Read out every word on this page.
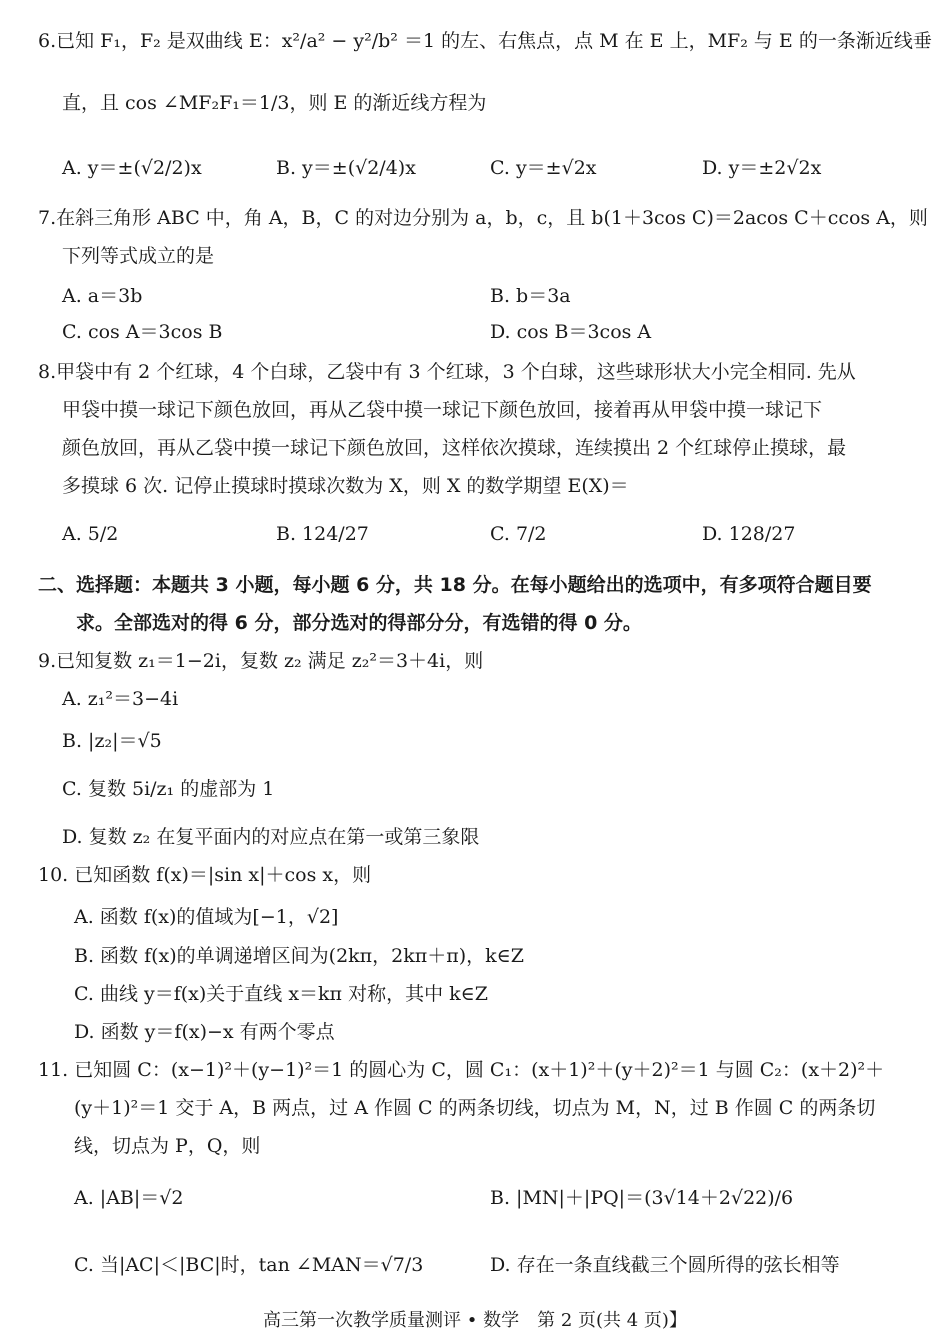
6.已知 F₁，F₂ 是双曲线 E：x²/a² − y²/b² ＝1 的左、右焦点，点 M 在 E 上，MF₂ 与 E 的一条渐近线垂
直，且 cos ∠MF₂F₁＝1/3，则 E 的渐近线方程为
A. y＝±(√2/2)x	B. y＝±(√2/4)x	C. y＝±√2x	D. y＝±2√2x
7.在斜三角形 ABC 中，角 A，B，C 的对边分别为 a，b，c，且 b(1＋3cos C)＝2acos C＋ccos A，则
下列等式成立的是
A. a＝3b	B. b＝3a
C. cos A＝3cos B	D. cos B＝3cos A
8.甲袋中有 2 个红球，4 个白球，乙袋中有 3 个红球，3 个白球，这些球形状大小完全相同. 先从
甲袋中摸一球记下颜色放回，再从乙袋中摸一球记下颜色放回，接着再从甲袋中摸一球记下
颜色放回，再从乙袋中摸一球记下颜色放回，这样依次摸球，连续摸出 2 个红球停止摸球，最
多摸球 6 次. 记停止摸球时摸球次数为 X，则 X 的数学期望 E(X)＝
A. 5/2	B. 124/27	C. 7/2	D. 128/27
二、选择题：本题共 3 小题，每小题 6 分，共 18 分。在每小题给出的选项中，有多项符合题目要
求。全部选对的得 6 分，部分选对的得部分分，有选错的得 0 分。
9.已知复数 z₁＝1−2i，复数 z₂ 满足 z₂²＝3＋4i，则
A. z₁²＝3−4i
B. |z₂|＝√5
C. 复数 5i/z₁ 的虚部为 1
D. 复数 z₂ 在复平面内的对应点在第一或第三象限
10. 已知函数 f(x)＝|sin x|＋cos x，则
A. 函数 f(x)的值域为[−1，√2]
B. 函数 f(x)的单调递增区间为(2kπ，2kπ＋π)，k∈Z
C. 曲线 y＝f(x)关于直线 x＝kπ 对称，其中 k∈Z
D. 函数 y＝f(x)−x 有两个零点
11. 已知圆 C：(x−1)²＋(y−1)²＝1 的圆心为 C，圆 C₁：(x＋1)²＋(y＋2)²＝1 与圆 C₂：(x＋2)²＋
(y＋1)²＝1 交于 A，B 两点，过 A 作圆 C 的两条切线，切点为 M，N，过 B 作圆 C 的两条切
线，切点为 P，Q，则
A. |AB|＝√2	B. |MN|＋|PQ|＝(3√14＋2√22)/6
C. 当|AC|＜|BC|时，tan ∠MAN＝√7/3	D. 存在一条直线截三个圆所得的弦长相等
高三第一次教学质量测评 • 数学　第 2 页(共 4 页)】
